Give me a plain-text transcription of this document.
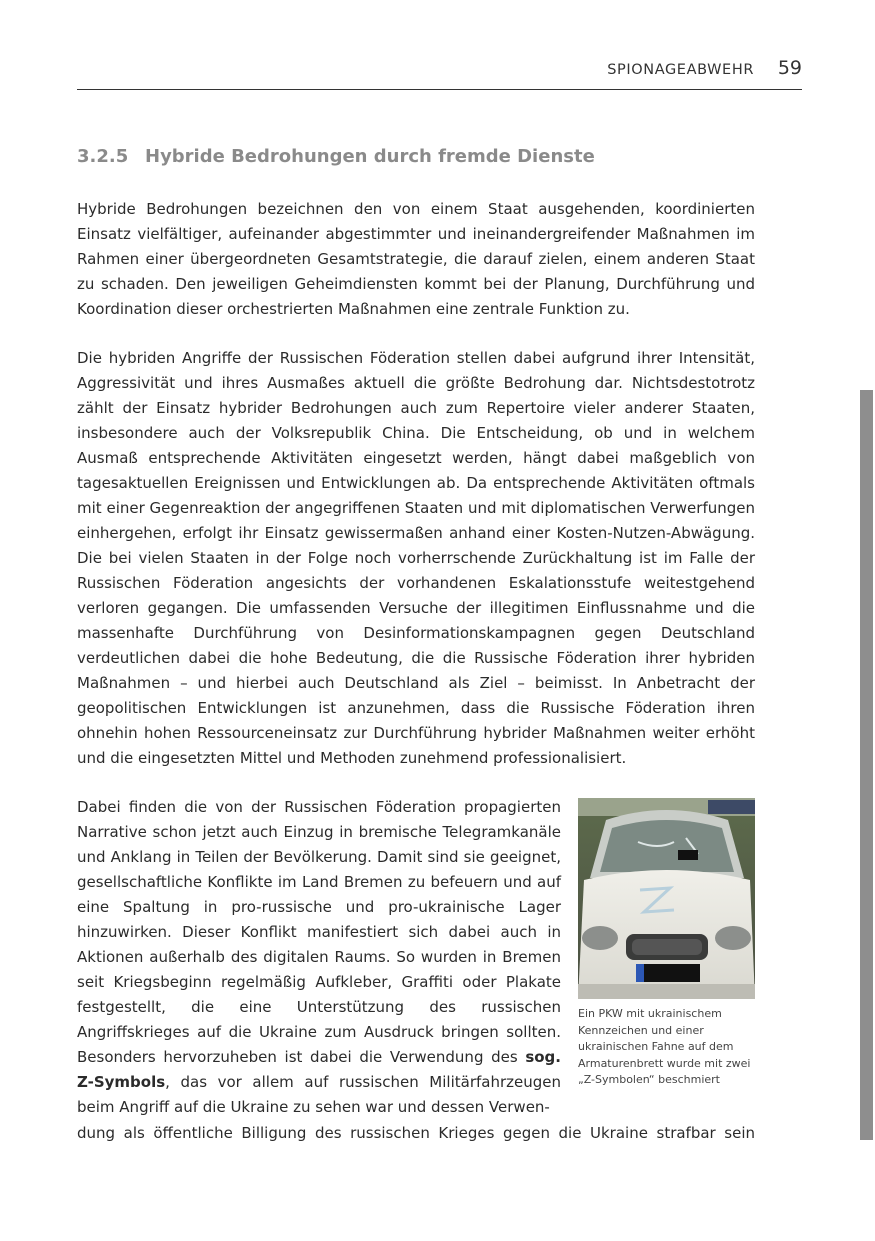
SPIONAGEABWEHR 59
3.2.5 Hybride Bedrohungen durch fremde Dienste

Hybride Bedrohungen bezeichnen den von einem Staat ausgehenden, koordinierten Einsatz vielfältiger, aufeinander abgestimmter und ineinandergreifender Maßnahmen im Rahmen einer übergeordneten Gesamtstrategie, die darauf zielen, einem anderen Staat zu schaden. Den jeweiligen Geheimdiensten kommt bei der Planung, Durchführung und Koordination dieser orchestrierten Maßnahmen eine zentrale Funktion zu.

Die hybriden Angriffe der Russischen Föderation stellen dabei aufgrund ihrer Intensität, Aggressivität und ihres Ausmaßes aktuell die größte Bedrohung dar. Nichtsdestotrotz zählt der Einsatz hybrider Bedrohungen auch zum Repertoire vieler anderer Staaten, insbesondere auch der Volksrepublik China. Die Entscheidung, ob und in welchem Ausmaß entsprechende Aktivitäten eingesetzt werden, hängt dabei maßgeblich von tagesaktuellen Ereignissen und Entwicklungen ab. Da entsprechende Aktivitäten oftmals mit einer Gegenreaktion der angegriffenen Staaten und mit diplomatischen Verwerfungen einhergehen, erfolgt ihr Einsatz gewissermaßen anhand einer Kosten-Nutzen-Abwägung. Die bei vielen Staaten in der Folge noch vorherrschende Zurückhaltung ist im Falle der Russischen Föderation angesichts der vorhandenen Eskalationsstufe weitestgehend verloren gegangen. Die umfassenden Versuche der illegitimen Einflussnahme und die massenhafte Durchführung von Desinformationskampagnen gegen Deutschland verdeutlichen dabei die hohe Bedeutung, die die Russische Föderation ihrer hybriden Maßnahmen – und hierbei auch Deutschland als Ziel – beimisst. In Anbetracht der geopolitischen Entwicklungen ist anzunehmen, dass die Russische Föderation ihren ohnehin hohen Ressourceneinsatz zur Durchführung hybrider Maßnahmen weiter erhöht und die eingesetzten Mittel und Methoden zunehmend professionalisiert.

Dabei finden die von der Russischen Föderation propagierten Narrative schon jetzt auch Einzug in bremische Telegramkanäle und Anklang in Teilen der Bevölkerung. Damit sind sie geeignet, gesellschaftliche Konflikte im Land Bremen zu befeuern und auf eine Spaltung in pro-russische und pro-ukrainische Lager hinzuwirken. Dieser Konflikt manifestiert sich dabei auch in Aktionen außerhalb des digitalen Raums. So wurden in Bremen seit Kriegsbeginn regelmäßig Aufkleber, Graffiti oder Plakate festgestellt, die eine Unterstützung des russischen Angriffskrieges auf die Ukraine zum Ausdruck bringen sollten. Besonders hervorzuheben ist dabei die Verwendung des sog. Z-Symbols, das vor allem auf russischen Militärfahrzeugen beim Angriff auf die Ukraine zu sehen war und dessen Verwen-

dung als öffentliche Billigung des russischen Krieges gegen die Ukraine strafbar sein

Ein PKW mit ukrainischem Kennzeichen und einer ukrainischen Fahne auf dem Armaturenbrett wurde mit zwei „Z-Symbolen“ beschmiert
